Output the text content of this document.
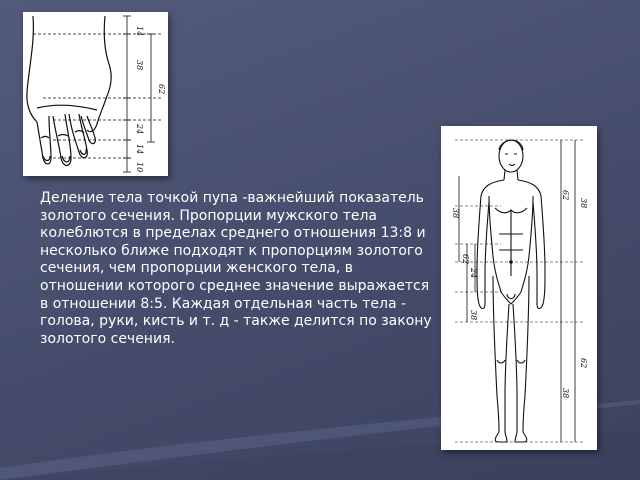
14
38
62
24
14
10

Деление тела точкой пупа -важнейший показатель золотого сечения. Пропорции мужского тела колеблются в пределах среднего отношения 13:8 и несколько ближе подходят к пропорциям золотого сечения, чем пропорции женского тела, в отношении которого среднее значение выражается в отношении 8:5. Каждая отдельная часть тела - голова, руки, кисть и т. д - также делится по закону золотого сечения.

38
62
24
62
38
62
38
38
